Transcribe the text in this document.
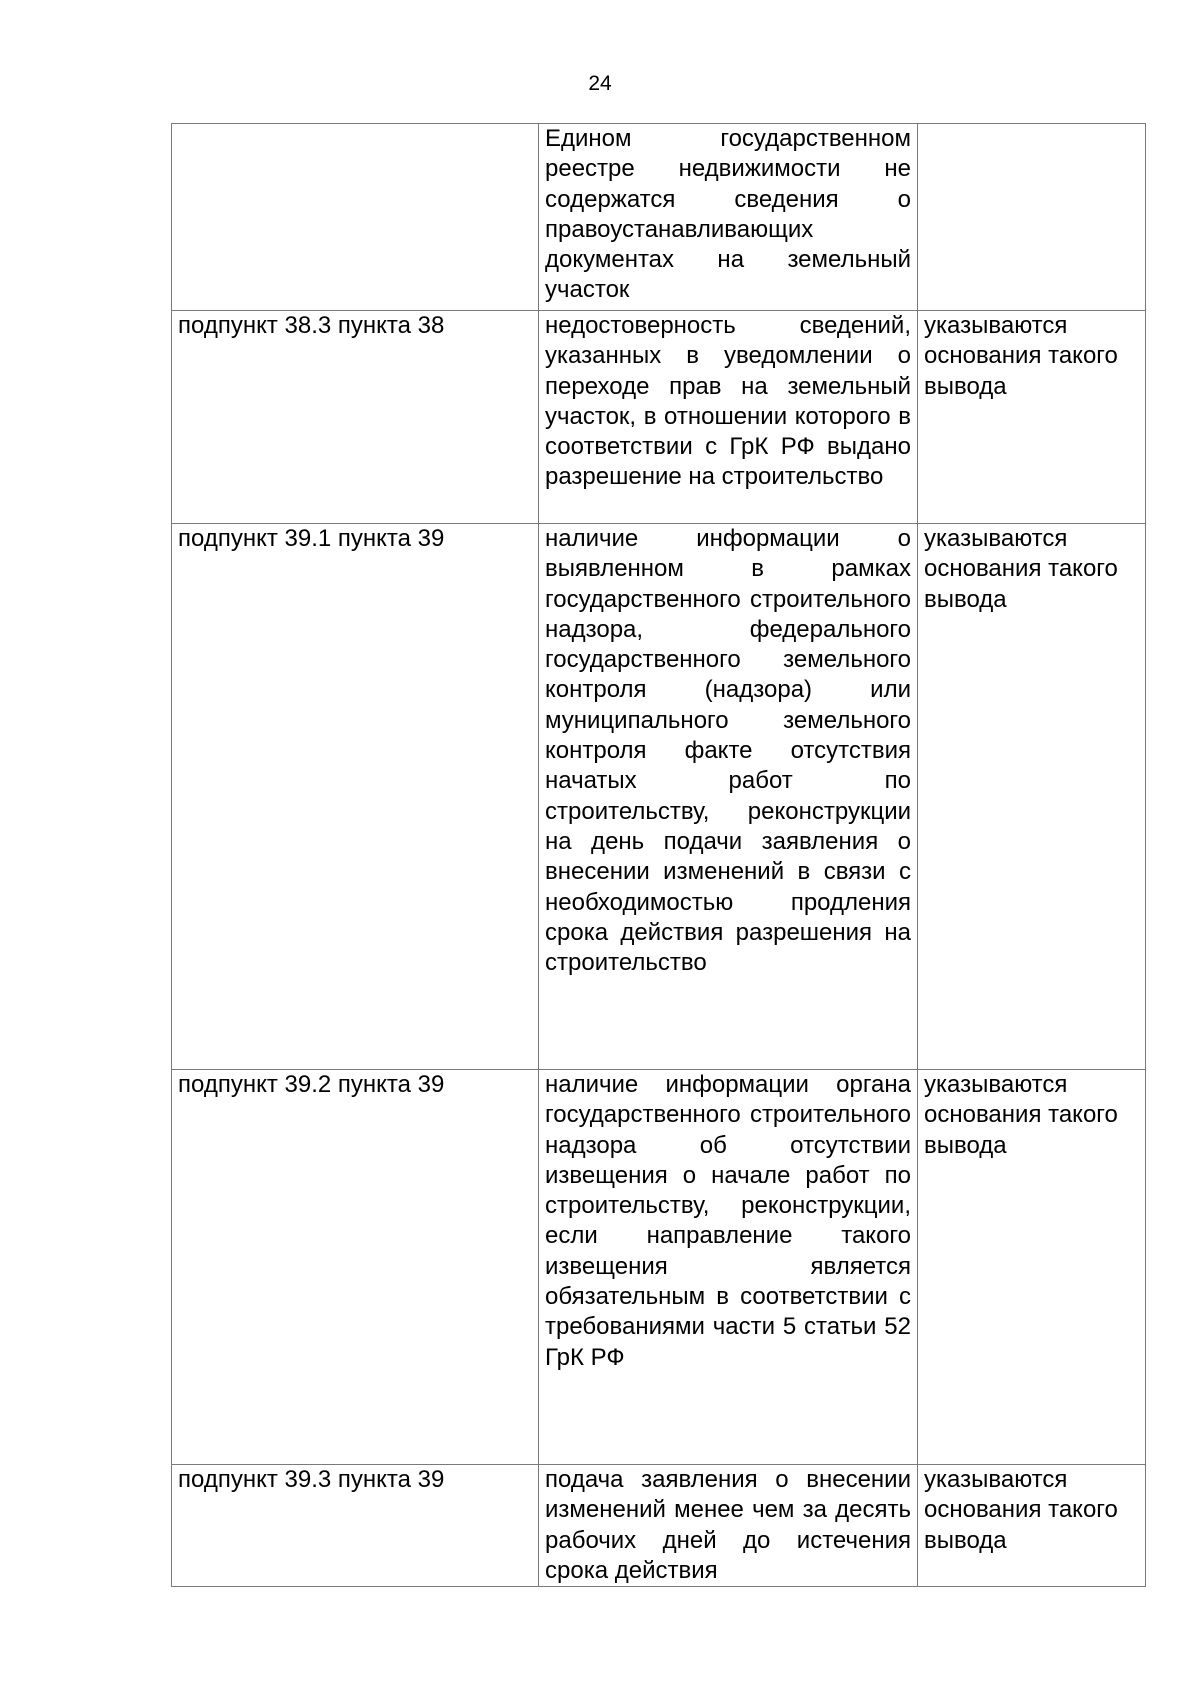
24
	Едином государственном реестре недвижимости не содержатся сведения о правоустанавливающих документах на земельный участок	
подпункт 38.3 пункта 38	недостоверность сведений, указанных в уведомлении о переходе прав на земельный участок, в отношении которого в соответствии с ГрК РФ выдано разрешение на строительство	указываются основания такого вывода
подпункт 39.1 пункта 39	наличие информации о выявленном в рамках государственного строительного надзора, федерального государственного земельного контроля (надзора) или муниципального земельного контроля факте отсутствия начатых работ по строительству, реконструкции на день подачи заявления о внесении изменений в связи с необходимостью продления срока действия разрешения на строительство	указываются основания такого вывода
подпункт 39.2 пункта 39	наличие информации органа государственного строительного надзора об отсутствии извещения о начале работ по строительству, реконструкции, если направление такого извещения является обязательным в соответствии с требованиями части 5 статьи 52 ГрК РФ	указываются основания такого вывода
подпункт 39.3 пункта 39	подача заявления о внесении изменений менее чем за десять рабочих дней до истечения срока действия	указываются основания такого вывода
